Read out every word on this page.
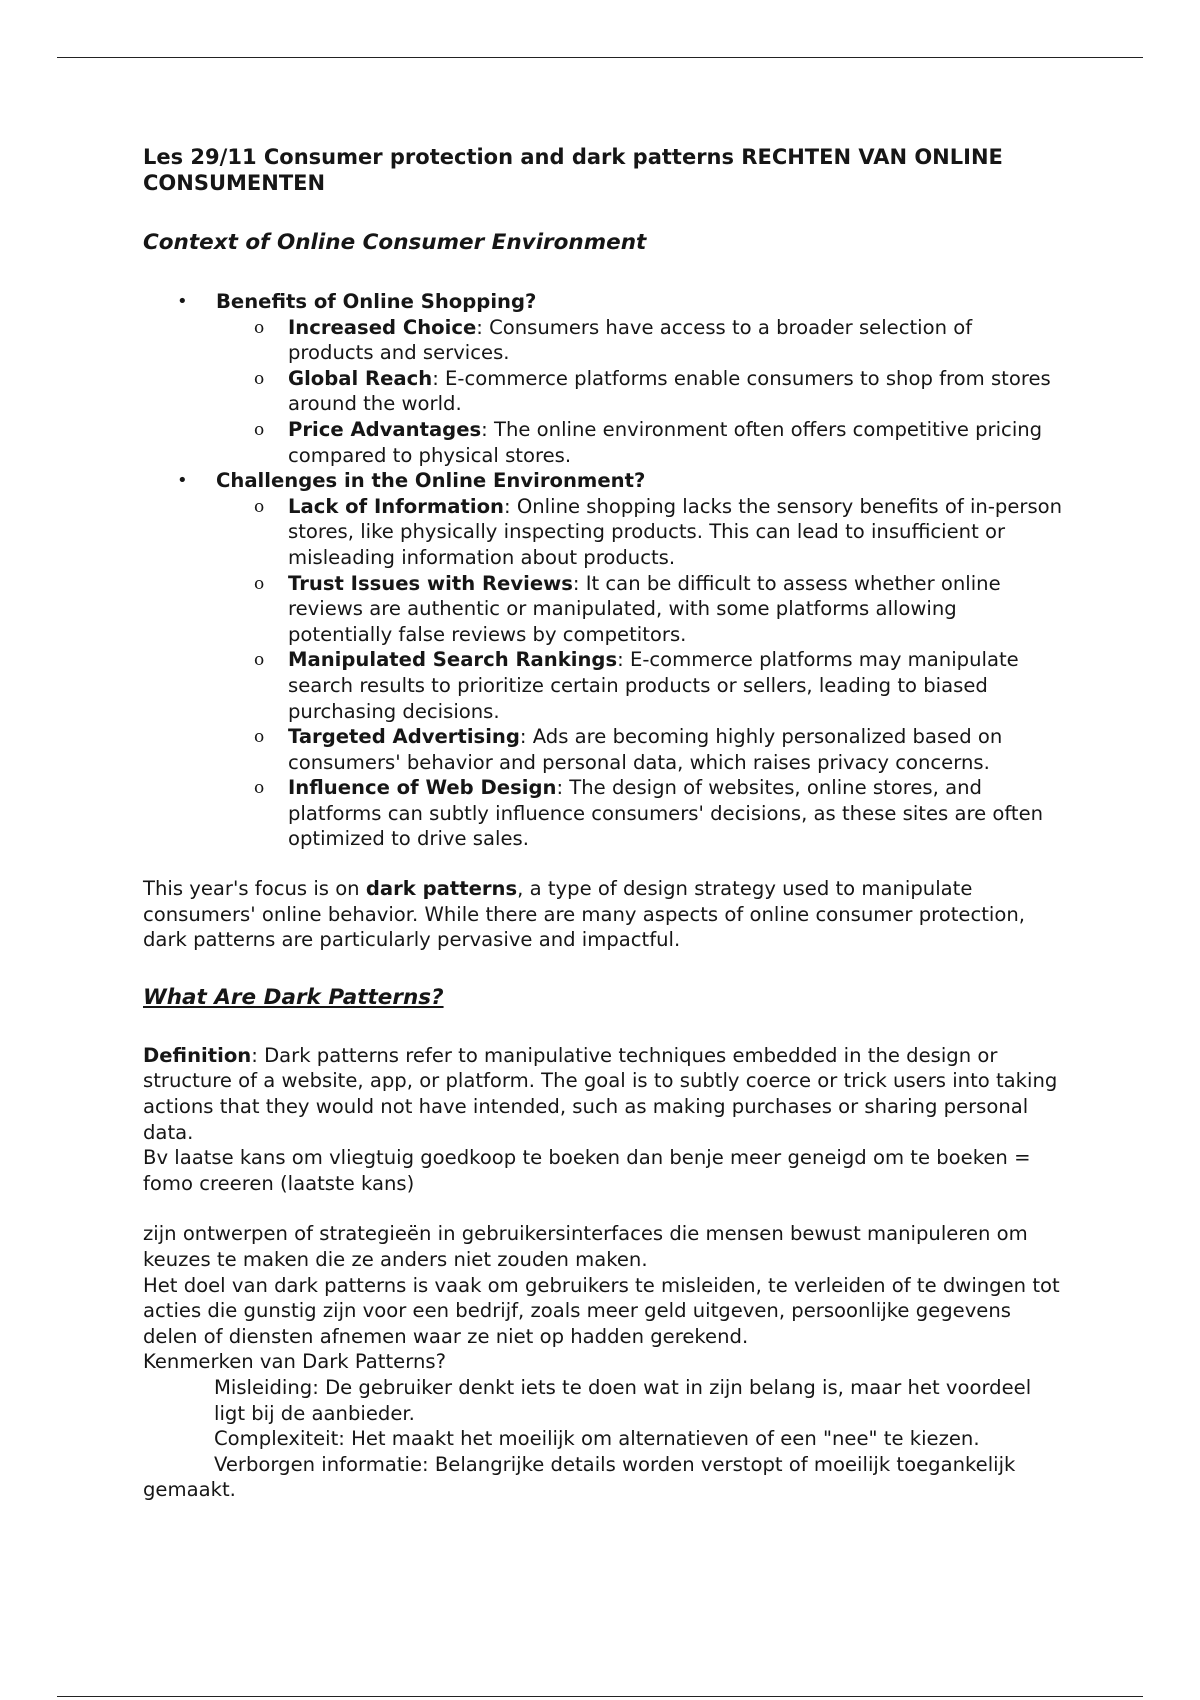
Les 29/11 Consumer protection and dark patterns RECHTEN VAN ONLINE CONSUMENTEN

Context of Online Consumer Environment

• Benefits of Online Shopping?
o Increased Choice: Consumers have access to a broader selection of products and services.
o Global Reach: E-commerce platforms enable consumers to shop from stores around the world.
o Price Advantages: The online environment often offers competitive pricing compared to physical stores.
• Challenges in the Online Environment?
o Lack of Information: Online shopping lacks the sensory benefits of in-person stores, like physically inspecting products. This can lead to insufficient or misleading information about products.
o Trust Issues with Reviews: It can be difficult to assess whether online reviews are authentic or manipulated, with some platforms allowing potentially false reviews by competitors.
o Manipulated Search Rankings: E-commerce platforms may manipulate search results to prioritize certain products or sellers, leading to biased purchasing decisions.
o Targeted Advertising: Ads are becoming highly personalized based on consumers' behavior and personal data, which raises privacy concerns.
o Influence of Web Design: The design of websites, online stores, and platforms can subtly influence consumers' decisions, as these sites are often optimized to drive sales.

This year's focus is on dark patterns, a type of design strategy used to manipulate consumers' online behavior. While there are many aspects of online consumer protection, dark patterns are particularly pervasive and impactful.

What Are Dark Patterns?

Definition: Dark patterns refer to manipulative techniques embedded in the design or structure of a website, app, or platform. The goal is to subtly coerce or trick users into taking actions that they would not have intended, such as making purchases or sharing personal data.

Bv laatse kans om vliegtuig goedkoop te boeken dan benje meer geneigd om te boeken = fomo creeren (laatste kans)

zijn ontwerpen of strategieën in gebruikersinterfaces die mensen bewust manipuleren om keuzes te maken die ze anders niet zouden maken.

Het doel van dark patterns is vaak om gebruikers te misleiden, te verleiden of te dwingen tot acties die gunstig zijn voor een bedrijf, zoals meer geld uitgeven, persoonlijke gegevens delen of diensten afnemen waar ze niet op hadden gerekend.

Kenmerken van Dark Patterns?

Misleiding: De gebruiker denkt iets te doen wat in zijn belang is, maar het voordeel ligt bij de aanbieder.

Complexiteit: Het maakt het moeilijk om alternatieven of een "nee" te kiezen.

Verborgen informatie: Belangrijke details worden verstopt of moeilijk toegankelijk

gemaakt.
